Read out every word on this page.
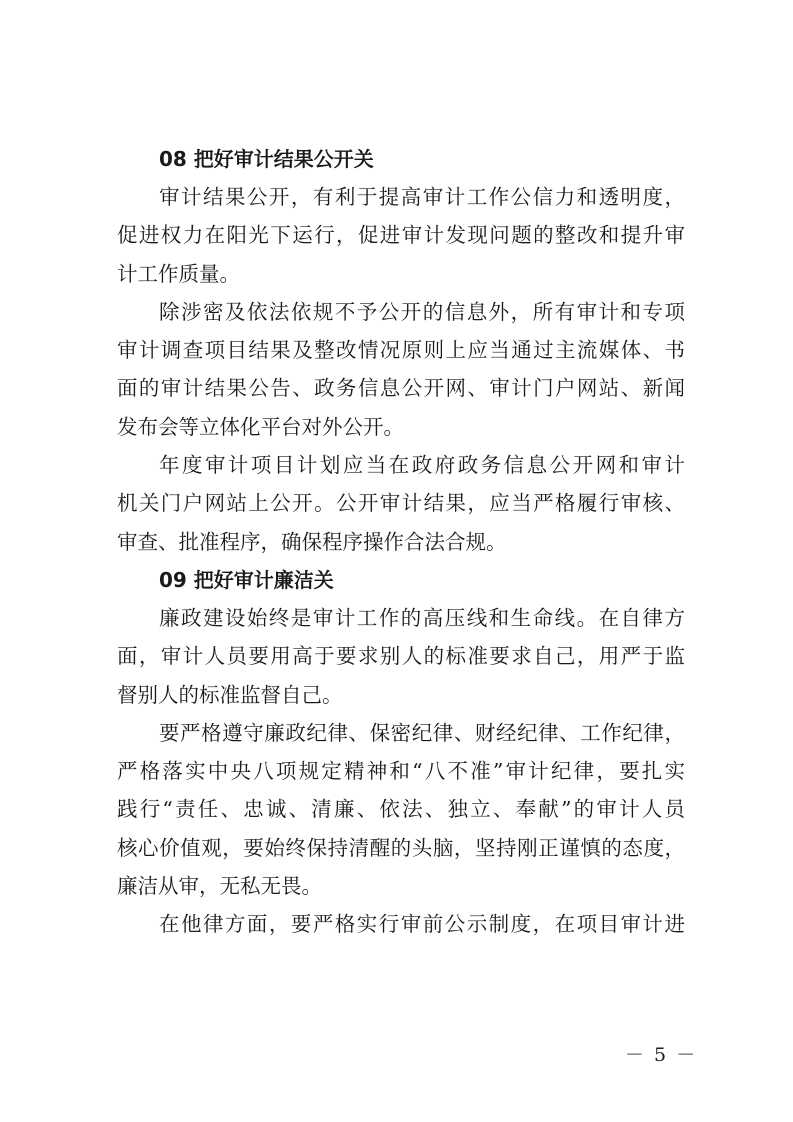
08 把好审计结果公开关
审计结果公开，有利于提高审计工作公信力和透明度，
促进权力在阳光下运行，促进审计发现问题的整改和提升审
计工作质量。
除涉密及依法依规不予公开的信息外，所有审计和专项
审计调查项目结果及整改情况原则上应当通过主流媒体、书
面的审计结果公告、政务信息公开网、审计门户网站、新闻
发布会等立体化平台对外公开。
年度审计项目计划应当在政府政务信息公开网和审计
机关门户网站上公开。公开审计结果，应当严格履行审核、
审查、批准程序，确保程序操作合法合规。
09 把好审计廉洁关
廉政建设始终是审计工作的高压线和生命线。在自律方
面，审计人员要用高于要求别人的标准要求自己，用严于监
督别人的标准监督自己。
要严格遵守廉政纪律、保密纪律、财经纪律、工作纪律，
严格落实中央八项规定精神和“八不准”审计纪律，要扎实
践行“责任、忠诚、清廉、依法、独立、奉献”的审计人员
核心价值观，要始终保持清醒的头脑，坚持刚正谨慎的态度，
廉洁从审，无私无畏。
在他律方面，要严格实行审前公示制度，在项目审计进
－ 5 －
